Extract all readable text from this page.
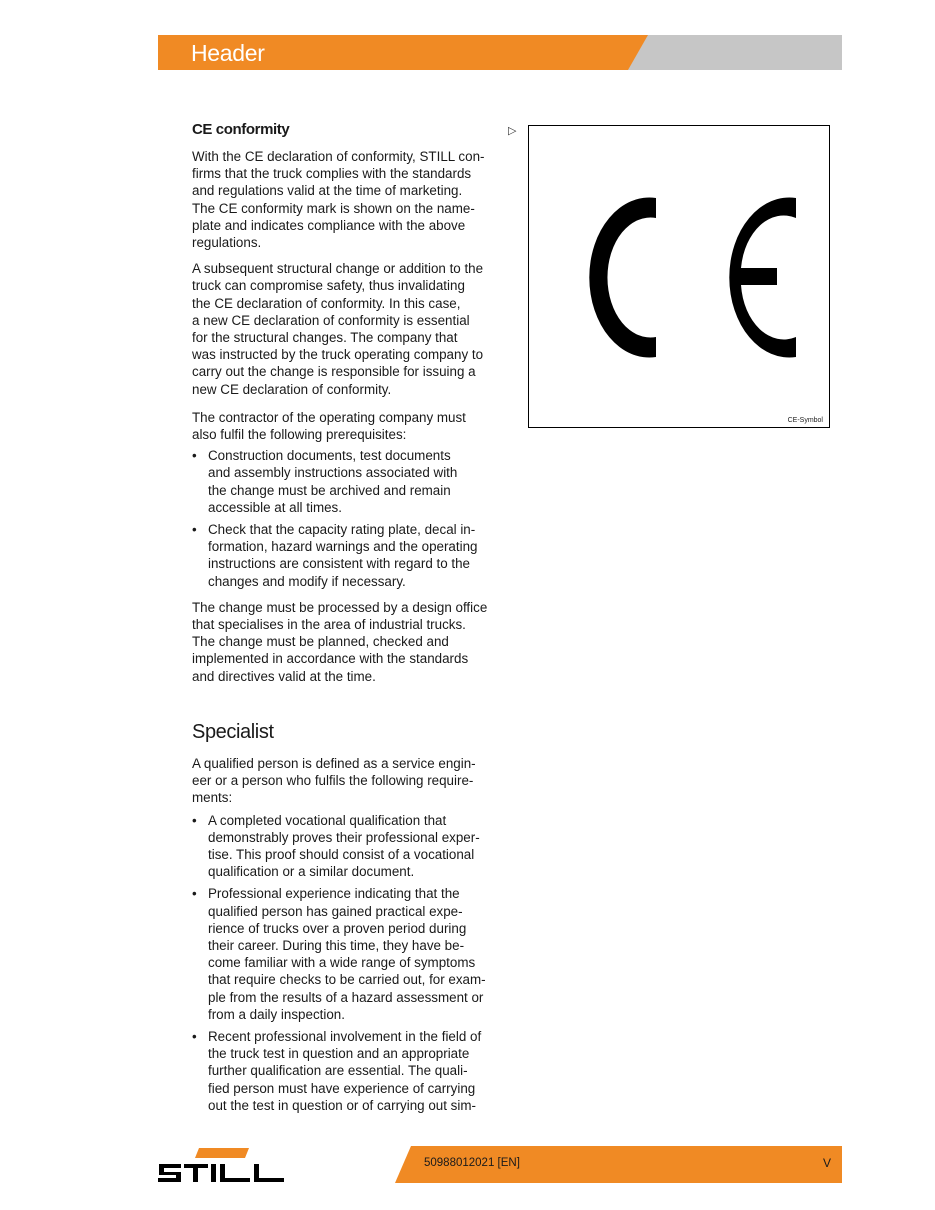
Header
CE conformity
With the CE declaration of conformity, STILL con-
firms that the truck complies with the standards
and regulations valid at the time of marketing.
The CE conformity mark is shown on the name-
plate and indicates compliance with the above
regulations.
A subsequent structural change or addition to the
truck can compromise safety, thus invalidating
the CE declaration of conformity. In this case,
a new CE declaration of conformity is essential
for the structural changes. The company that
was instructed by the truck operating company to
carry out the change is responsible for issuing a
new CE declaration of conformity.
The contractor of the operating company must
also fulfil the following prerequisites:
• Construction documents, test documents
and assembly instructions associated with
the change must be archived and remain
accessible at all times.
• Check that the capacity rating plate, decal in-
formation, hazard warnings and the operating
instructions are consistent with regard to the
changes and modify if necessary.
The change must be processed by a design office
that specialises in the area of industrial trucks.
The change must be planned, checked and
implemented in accordance with the standards
and directives valid at the time.
Specialist
A qualified person is defined as a service engin-
eer or a person who fulfils the following require-
ments:
• A completed vocational qualification that
demonstrably proves their professional exper-
tise. This proof should consist of a vocational
qualification or a similar document.
• Professional experience indicating that the
qualified person has gained practical expe-
rience of trucks over a proven period during
their career. During this time, they have be-
come familiar with a wide range of symptoms
that require checks to be carried out, for exam-
ple from the results of a hazard assessment or
from a daily inspection.
• Recent professional involvement in the field of
the truck test in question and an appropriate
further qualification are essential. The quali-
fied person must have experience of carrying
out the test in question or of carrying out sim-
▷
CE-Symbol
50988012021 [EN]	V
